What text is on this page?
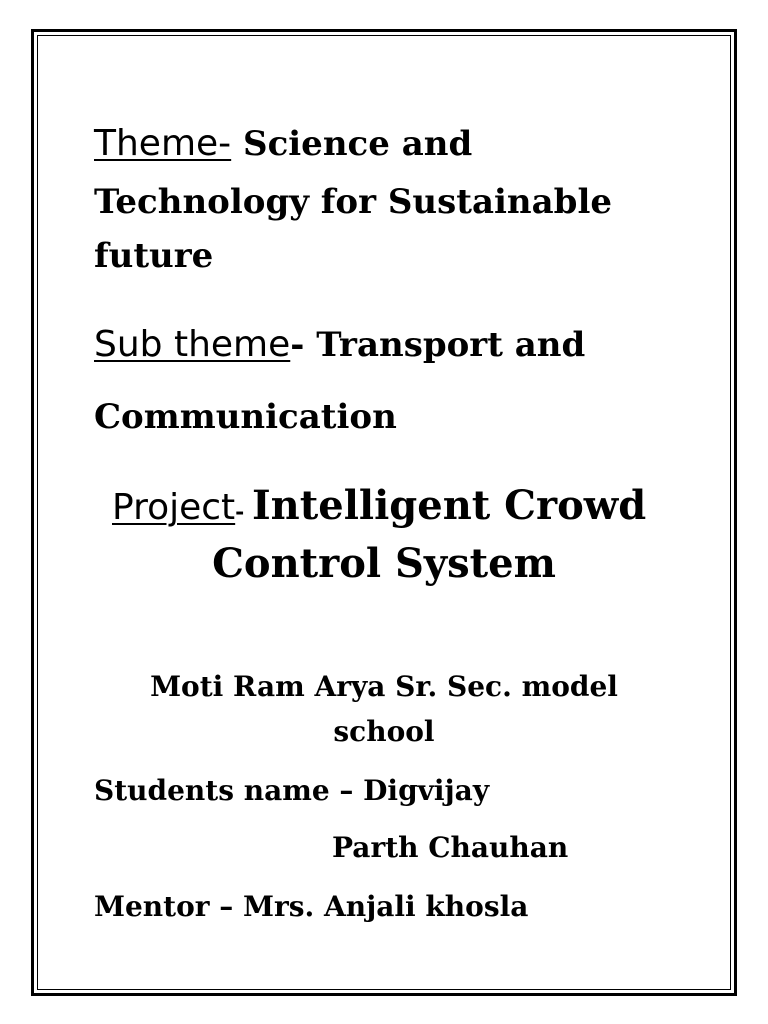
Theme- Science and

Technology for Sustainable

future

Sub theme- Transport and

Communication

Project- Intelligent Crowd

Control System

Moti Ram Arya Sr. Sec. model

school

Students name – Digvijay

Parth Chauhan

Mentor – Mrs. Anjali khosla
